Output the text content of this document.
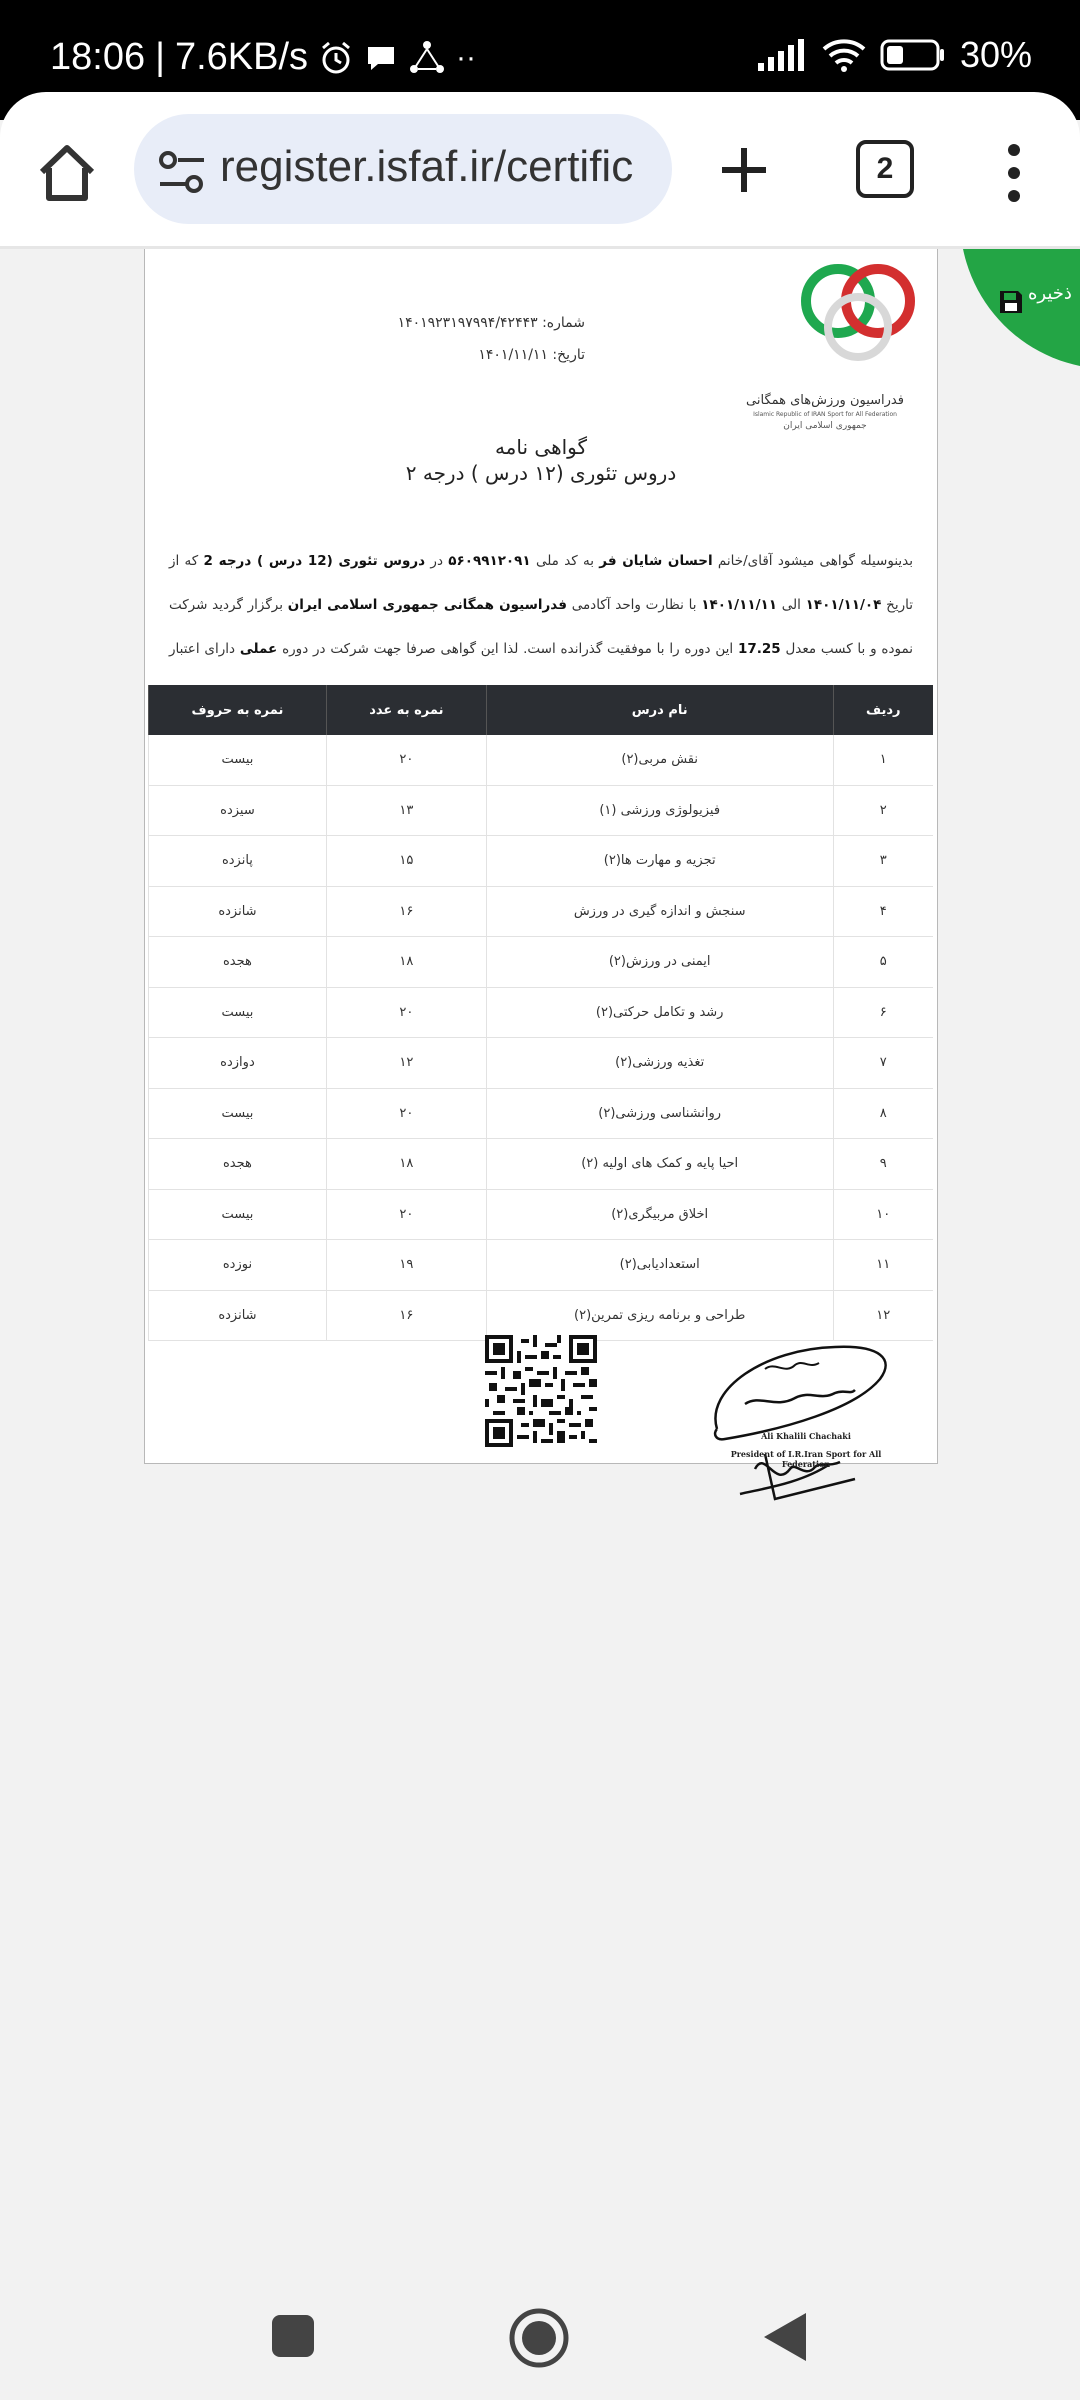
18:06 | 7.6KB/s	··	30%
register.isfaf.ir/certific	2
فدراسیون ورزش‌های همگانی
Islamic Republic of IRAN Sport for All Federation
جمهوری اسلامی ایران
شماره: ۱۴۰۱۹۲۳۱۹۷۹۹۴/۴۲۴۴۳
تاریخ: ۱۴۰۱/۱۱/۱۱
گواهی نامه
دروس تئوری (۱۲ درس ) درجه ۲
بدینوسیله گواهی میشود آقای/خانم احسان شایان فر به کد ملی ۵۶۰۹۹۱۲۰۹۱ در دروس تئوری (12 درس ) درجه 2 که از تاریخ ۱۴۰۱/۱۱/۰۴ الی ۱۴۰۱/۱۱/۱۱ با نظارت واحد آکادمی فدراسیون همگانی جمهوری اسلامی ایران برگزار گردید شرکت نموده و با کسب معدل 17.25 این دوره را با موفقیت گذرانده است. لذا این گواهی صرفا جهت شرکت در دوره عملی دارای اعتبار
ردیف	نام درس	نمره به عدد	نمره به حروف
۱	نقش مربی(۲)	۲۰	بیست
۲	فیزیولوژی ورزشی (۱)	۱۳	سیزده
۳	تجزیه و مهارت ها(۲)	۱۵	پانزده
۴	سنجش و اندازه گیری در ورزش	۱۶	شانزده
۵	ایمنی در ورزش(۲)	۱۸	هجده
۶	رشد و تکامل حرکتی(۲)	۲۰	بیست
۷	تغذیه ورزشی(۲)	۱۲	دوازده
۸	روانشناسی ورزشی(۲)	۲۰	بیست
۹	احیا پایه و کمک های اولیه (۲)	۱۸	هجده
۱۰	اخلاق مربیگری(۲)	۲۰	بیست
۱۱	استعدادیابی(۲)	۱۹	نوزده
۱۲	طراحی و برنامه ریزی تمرین(۲)	۱۶	شانزده
Ali Khalili Chachaki
President of I.R.Iran Sport for All Federation
ذخیره
